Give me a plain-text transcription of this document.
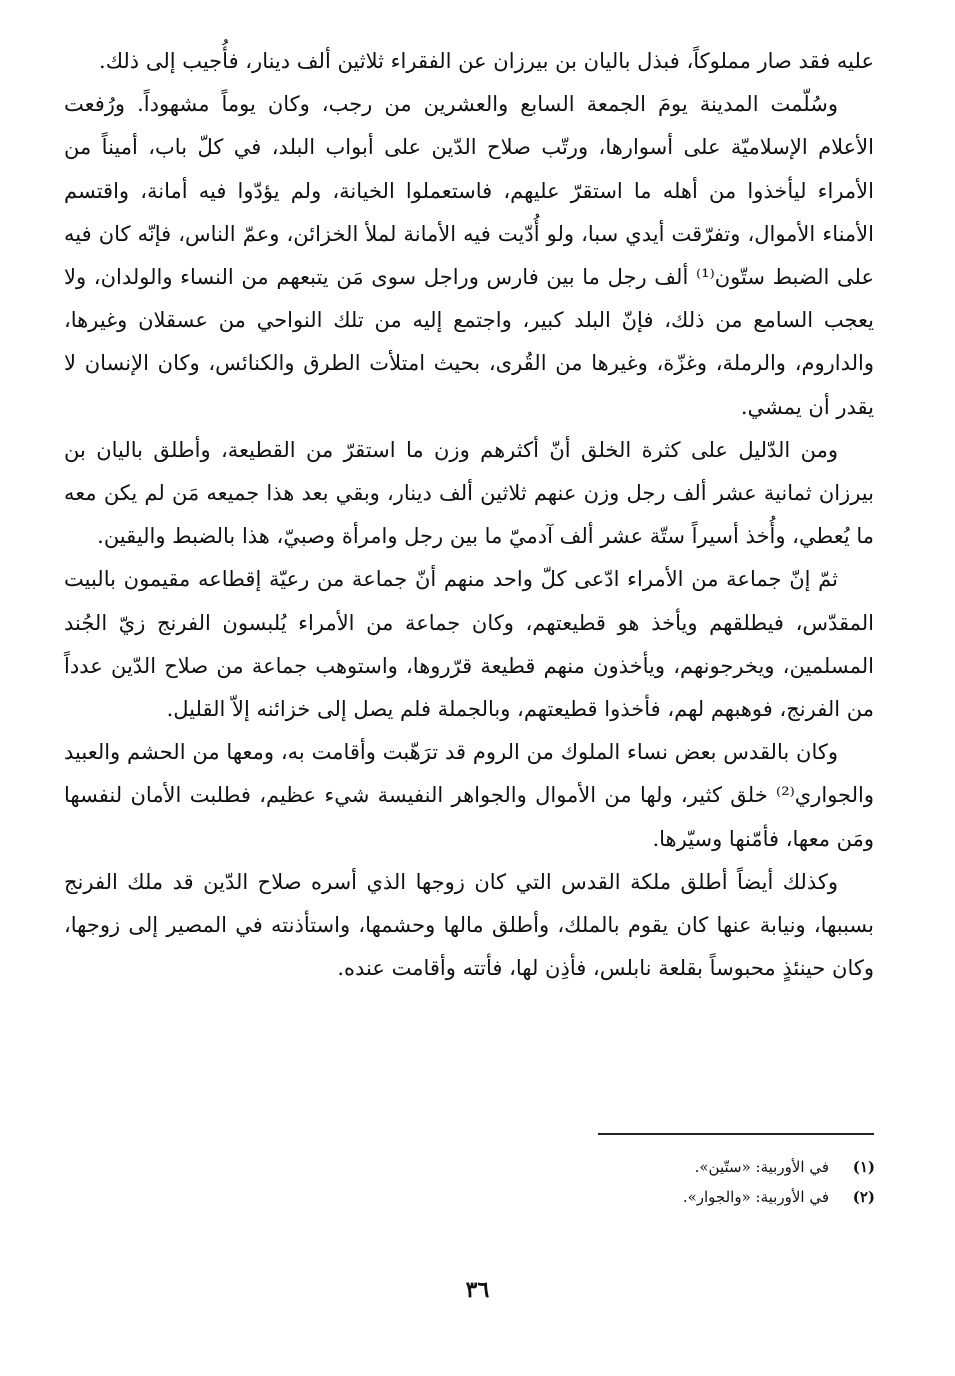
عليه فقد صار مملوكاً، فبذل باليان بن بيرزان عن الفقراء ثلاثين ألف دينار، فأُجيب إلى ذلك.

وسُلّمت المدينة يومَ الجمعة السابع والعشرين من رجب، وكان يوماً مشهوداً. ورُفعت الأعلام الإسلاميّة على أسوارها، ورتّب صلاح الدّين على أبواب البلد، في كلّ باب، أميناً من الأمراء ليأخذوا من أهله ما استقرّ عليهم، فاستعملوا الخيانة، ولم يؤدّوا فيه أمانة، واقتسم الأمناء الأموال، وتفرّقت أيدي سبا، ولو أُدّيت فيه الأمانة لملأ الخزائن، وعمّ الناس، فإنّه كان فيه على الضبط ستّون⁽¹⁾ ألف رجل ما بين فارس وراجل سوى مَن يتبعهم من النساء والولدان، ولا يعجب السامع من ذلك، فإنّ البلد كبير، واجتمع إليه من تلك النواحي من عسقلان وغيرها، والداروم، والرملة، وغزّة، وغيرها من القُرى، بحيث امتلأت الطرق والكنائس، وكان الإنسان لا يقدر أن يمشي.

ومن الدّليل على كثرة الخلق أنّ أكثرهم وزن ما استقرّ من القطيعة، وأطلق باليان بن بيرزان ثمانية عشر ألف رجل وزن عنهم ثلاثين ألف دينار، وبقي بعد هذا جميعه مَن لم يكن معه ما يُعطي، وأُخذ أسيراً ستّة عشر ألف آدميّ ما بين رجل وامرأة وصبيّ، هذا بالضبط واليقين.

ثمّ إنّ جماعة من الأمراء ادّعى كلّ واحد منهم أنّ جماعة من رعيّة إقطاعه مقيمون بالبيت المقدّس، فيطلقهم ويأخذ هو قطيعتهم، وكان جماعة من الأمراء يُلبسون الفرنج زيّ الجُند المسلمين، ويخرجونهم، ويأخذون منهم قطيعة قرّروها، واستوهب جماعة من صلاح الدّين عدداً من الفرنج، فوهبهم لهم، فأخذوا قطيعتهم، وبالجملة فلم يصل إلى خزائنه إلاّ القليل.

وكان بالقدس بعض نساء الملوك من الروم قد ترَهّبت وأقامت به، ومعها من الحشم والعبيد والجواري⁽²⁾ خلق كثير، ولها من الأموال والجواهر النفيسة شيء عظيم، فطلبت الأمان لنفسها ومَن معها، فأمّنها وسيّرها.

وكذلك أيضاً أطلق ملكة القدس التي كان زوجها الذي أسره صلاح الدّين قد ملك الفرنج بسببها، ونيابة عنها كان يقوم بالملك، وأطلق مالها وحشمها، واستأذنته في المصير إلى زوجها، وكان حينئذٍ محبوساً بقلعة نابلس، فأذِن لها، فأتته وأقامت عنده.

(١)
في الأوربية: «ستّين».
(٢)
في الأوربية: «والجوار».
٣٦
